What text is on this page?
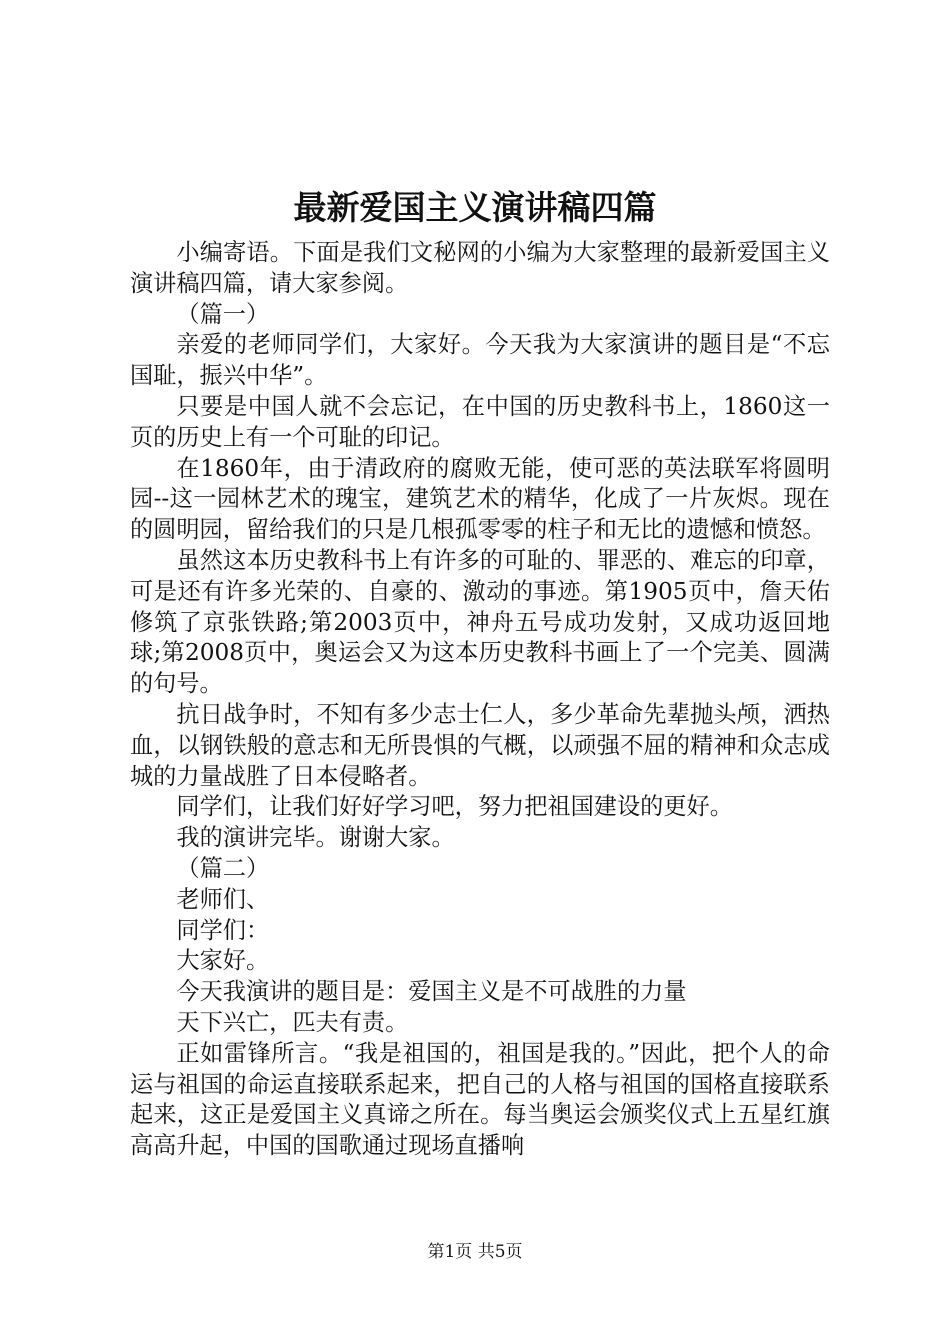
最新爱国主义演讲稿四篇

小编寄语。下面是我们文秘网的小编为大家整理的最新爱国主义演讲稿四篇，请大家参阅。

（篇一）

亲爱的老师同学们，大家好。今天我为大家演讲的题目是“不忘国耻，振兴中华”。

只要是中国人就不会忘记，在中国的历史教科书上，1860这一页的历史上有一个可耻的印记。

在1860年，由于清政府的腐败无能，使可恶的英法联军将圆明园--这一园林艺术的瑰宝，建筑艺术的精华，化成了一片灰烬。现在的圆明园，留给我们的只是几根孤零零的柱子和无比的遗憾和愤怒。

虽然这本历史教科书上有许多的可耻的、罪恶的、难忘的印章，可是还有许多光荣的、自豪的、激动的事迹。第1905页中，詹天佑修筑了京张铁路;第2003页中，神舟五号成功发射，又成功返回地球;第2008页中，奥运会又为这本历史教科书画上了一个完美、圆满的句号。

抗日战争时，不知有多少志士仁人，多少革命先辈抛头颅，洒热血，以钢铁般的意志和无所畏惧的气概，以顽强不屈的精神和众志成城的力量战胜了日本侵略者。

同学们，让我们好好学习吧，努力把祖国建设的更好。

我的演讲完毕。谢谢大家。

（篇二）

老师们、

同学们：

大家好。

今天我演讲的题目是：爱国主义是不可战胜的力量

天下兴亡，匹夫有责。

正如雷锋所言。“我是祖国的，祖国是我的。”因此，把个人的命运与祖国的命运直接联系起来，把自己的人格与祖国的国格直接联系起来，这正是爱国主义真谛之所在。每当奥运会颁奖仪式上五星红旗高高升起，中国的国歌通过现场直播响

第1页 共5页
